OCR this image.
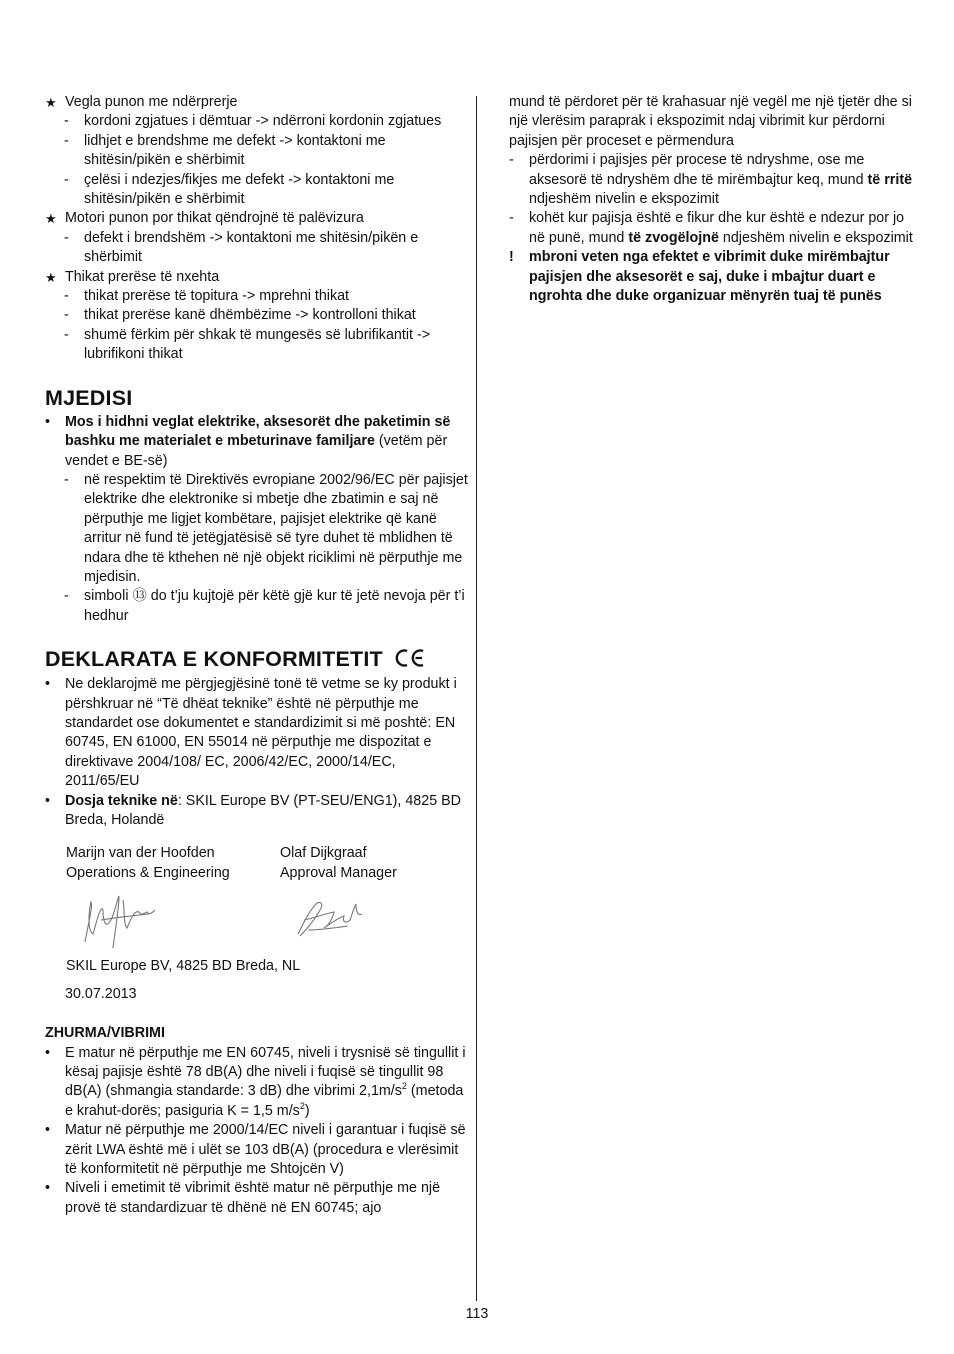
★ Vegla punon me ndërprerje
- kordoni zgjatues i dëmtuar -> ndërroni kordonin zgjatues
- lidhjet e brendshme me defekt -> kontaktoni me shitësin/pikën e shërbimit
- çelësi i ndezjes/fikjes me defekt -> kontaktoni me shitësin/pikën e shërbimit
★ Motori punon por thikat qëndrojnë të palëvizura
- defekt i brendshëm -> kontaktoni me shitësin/pikën e shërbimit
★ Thikat prerëse të nxehta
- thikat prerëse të topitura -> mprehni thikat
- thikat prerëse kanë dhëmbëzime -> kontrolloni thikat
- shumë fërkim për shkak të mungesës së lubrifikantit -> lubrifikoni thikat
MJEDISI
• Mos i hidhni veglat elektrike, aksesorët dhe paketimin së bashku me materialet e mbeturinave familjare (vetëm për vendet e BE-së)
- në respektim të Direktivës evropiane 2002/96/EC për pajisjet elektrike dhe elektronike si mbetje dhe zbatimin e saj në përputhje me ligjet kombëtare, pajisjet elektrike që kanë arritur në fund të jetëgjatësisë së tyre duhet të mblidhen të ndara dhe të kthehen në një objekt riciklimi në përputhje me mjedisin.
- simboli ⑬ do t’ju kujtojë për këtë gjë kur të jetë nevoja për t’i hedhur
DEKLARATA E KONFORMITETIT
• Ne deklarojmë me përgjegjësinë tonë të vetme se ky produkt i përshkruar në “Të dhëat teknike” është në përputhje me standardet ose dokumentet e standardizimit si më poshtë: EN 60745, EN 61000, EN 55014 në përputhje me dispozitat e direktivave 2004/108/ EC, 2006/42/EC, 2000/14/EC, 2011/65/EU
• Dosja teknike në: SKIL Europe BV (PT-SEU/ENG1), 4825 BD Breda, Holandë
Marijn van der Hoofden
Operations & Engineering
Olaf Dijkgraaf
Approval Manager
SKIL Europe BV, 4825 BD Breda, NL
30.07.2013
ZHURMA/VIBRIMI
• E matur në përputhje me EN 60745, niveli i trysnisë së tingullit i kësaj pajisje është 78 dB(A) dhe niveli i fuqisë së tingullit 98 dB(A) (shmangia standarde: 3 dB) dhe vibrimi $2,1m/s^2$ (metoda e krahut-dorës; pasiguria K = 1,5 $m/s^2$)
• Matur në përputhje me 2000/14/EC niveli i garantuar i fuqisë së zërit LWA është më i ulët se 103 dB(A) (procedura e vlerësimit të konformitetit në përputhje me Shtojcën V)
• Niveli i emetimit të vibrimit është matur në përputhje me një provë të standardizuar të dhënë në EN 60745; ajo
mund të përdoret për të krahasuar një vegël me një tjetër dhe si një vlerësim paraprak i ekspozimit ndaj vibrimit kur përdorni pajisjen për proceset e përmendura
- përdorimi i pajisjes për procese të ndryshme, ose me aksesorë të ndryshëm dhe të mirëmbajtur keq, mund të rritë ndjeshëm nivelin e ekspozimit
- kohët kur pajisja është e fikur dhe kur është e ndezur por jo në punë, mund të zvogëlojnë ndjeshëm nivelin e ekspozimit
! mbroni veten nga efektet e vibrimit duke mirëmbajtur pajisjen dhe aksesorët e saj, duke i mbajtur duart e ngrohta dhe duke organizuar mënyrën tuaj të punës
113
